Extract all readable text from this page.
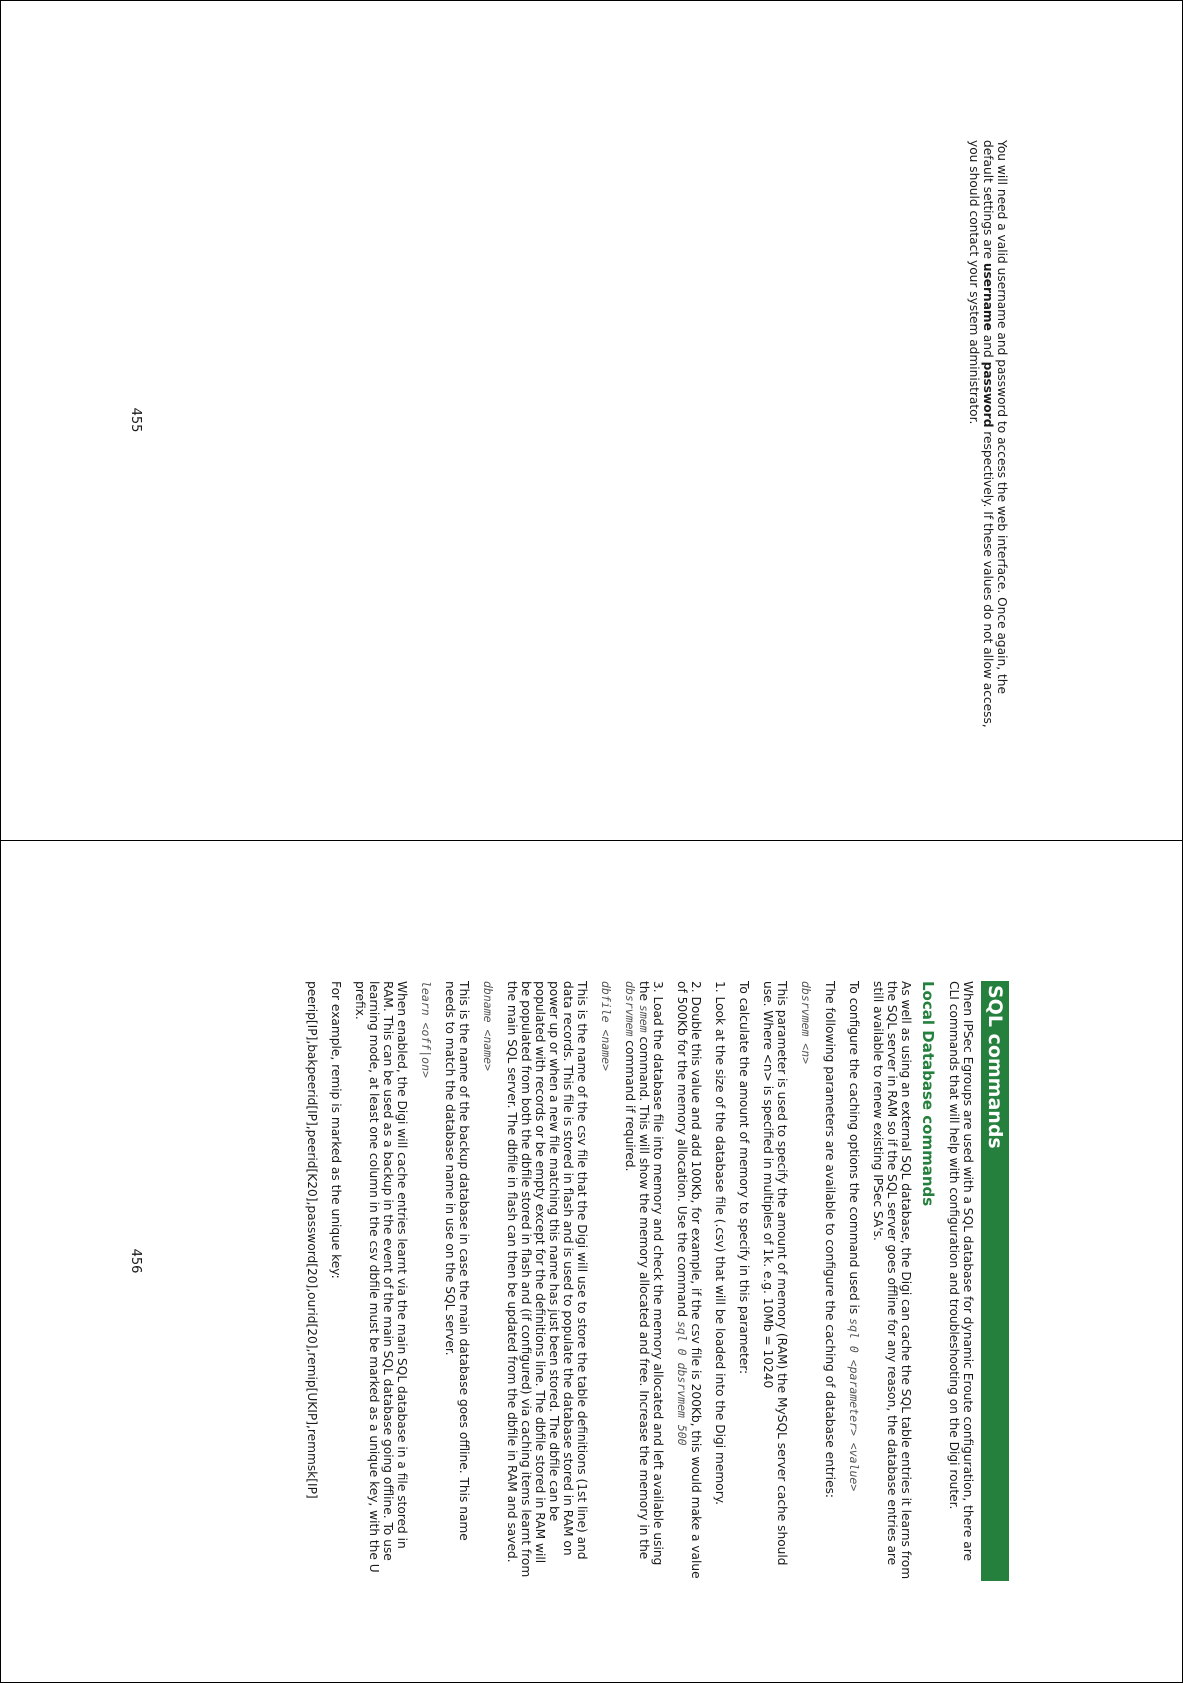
You will need a valid username and password to access the web interface. Once again, the default settings are username and password respectively. If these values do not allow access, you should contact your system administrator.

455
SQL commands

When IPSec Egroups are used with a SQL database for dynamic Eroute configuration, there are CLI commands that will help with configuration and troubleshooting on the Digi router.

Local Database commands

As well as using an external SQL database, the Digi can cache the SQL table entries it learns from the SQL server in RAM so if the SQL server goes offline for any reason, the database entries are still available to renew existing IPSec SA's.

To configure the caching options the command used is sql 0 <parameter> <value>

The following parameters are available to configure the caching of database entries:

dbsrvmem <n>

This parameter is used to specify the amount of memory (RAM) the MySQL server cache should use. Where <n> is specified in multiples of 1k. e.g. 10Mb = 10240

To calculate the amount of memory to specify in this parameter:

1. Look at the size of the database file (.csv) that will be loaded into the Digi memory.

2. Double this value and add 100Kb, for example, if the csv file is 200Kb, this would make a value of 500Kb for the memory allocation. Use the command sql 0 dbsrvmem 500

3. Load the database file into memory and check the memory allocated and left available using the smem command. This will show the memory allocated and free. Increase the memory in the dbsrvmem command if required.

dbfile <name>

This is the name of the csv file that the Digi will use to store the table definitions (1st line) and data records. This file is stored in flash and is used to populate the database stored in RAM on power up or when a new file matching this name has just been stored. The dbfile can be populated with records or be empty except for the definitions line. The dbfile stored in RAM will be populated from both the dbfile stored in flash and (if configured) via caching items learnt from the main SQL server. The dbfile in flash can then be updated from the dbfile in RAM and saved.

dbname <name>

This is the name of the backup database in case the main database goes offline. This name needs to match the database name in use on the SQL server.

learn <off|on>

When enabled, the Digi will cache entries learnt via the main SQL database in a file stored in RAM. This can be used as a backup in the event of the main SQL database going offline. To use learning mode, at least one column in the csv dbfile must be marked as a unique key, with the U prefix.

For example, remip is marked as the unique key:

peerip[IP],bakpeerid[IP],peerid[K20],password[20],ourid[20],remip[UKIP],remmsk[IP]

456
